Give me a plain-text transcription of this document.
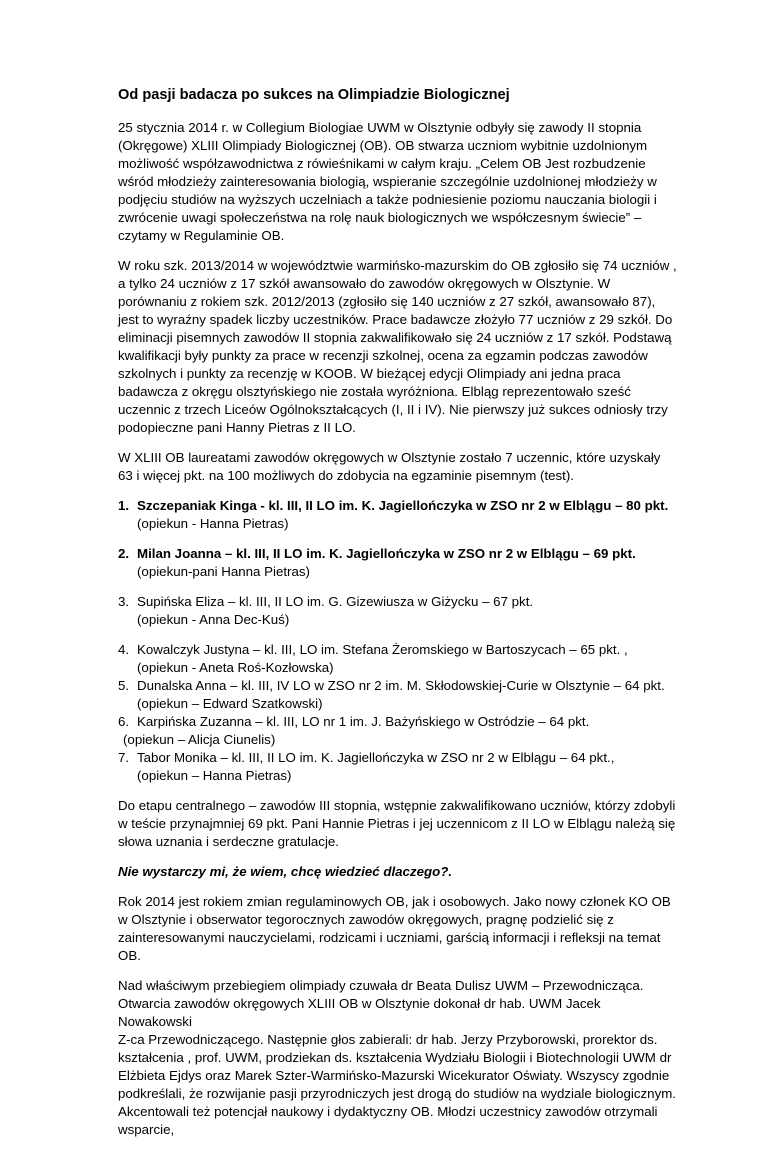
Od pasji badacza po sukces na Olimpiadzie Biologicznej

25 stycznia 2014 r. w Collegium Biologiae UWM w Olsztynie odbyły się zawody II stopnia (Okręgowe) XLIII Olimpiady Biologicznej (OB). OB stwarza uczniom wybitnie uzdolnionym możliwość współzawodnictwa z rówieśnikami w całym kraju. „Celem OB Jest rozbudzenie wśród młodzieży zainteresowania biologią, wspieranie szczególnie uzdolnionej młodzieży w podjęciu studiów na wyższych uczelniach a także podniesienie poziomu nauczania biologii i zwrócenie uwagi społeczeństwa na rolę nauk biologicznych we współczesnym świecie” – czytamy w Regulaminie OB.

W roku szk. 2013/2014 w województwie warmińsko-mazurskim do OB zgłosiło się 74 uczniów , a tylko 24 uczniów z 17 szkół awansowało do zawodów okręgowych w Olsztynie. W porównaniu z rokiem szk. 2012/2013 (zgłosiło się 140 uczniów z 27 szkół, awansowało 87), jest to wyraźny spadek liczby uczestników. Prace badawcze złożyło 77 uczniów z 29 szkół. Do eliminacji pisemnych zawodów II stopnia zakwalifikowało się 24 uczniów z 17 szkół. Podstawą kwalifikacji były punkty za prace w recenzji szkolnej, ocena za egzamin podczas zawodów szkolnych i punkty za recenzję w KOOB. W bieżącej edycji Olimpiady ani jedna praca badawcza z okręgu olsztyńskiego nie została wyróżniona. Elbląg reprezentowało sześć uczennic z trzech Liceów Ogólnokształcących (I, II i IV). Nie pierwszy już sukces odniosły trzy podopieczne pani Hanny Pietras z II LO.

W XLIII OB laureatami zawodów okręgowych w Olsztynie zostało 7 uczennic, które uzyskały 63 i więcej pkt. na 100 możliwych do zdobycia na egzaminie pisemnym (test).

1. Szczepaniak Kinga - kl. III, II LO im. K. Jagiellończyka w ZSO nr 2 w Elblągu – 80 pkt.
(opiekun - Hanna Pietras)
2. Milan Joanna – kl. III, II LO im. K. Jagiellończyka w ZSO nr 2 w Elblągu – 69 pkt.
(opiekun-pani Hanna Pietras)
3. Supińska Eliza – kl. III, II LO im. G. Gizewiusza w Giżycku – 67 pkt.
(opiekun - Anna Dec-Kuś)
4. Kowalczyk Justyna – kl. III, LO im. Stefana Żeromskiego w Bartoszycach – 65 pkt. ,
(opiekun - Aneta Roś-Kozłowska)
5. Dunalska Anna – kl. III, IV LO w ZSO nr 2 im. M. Skłodowskiej-Curie w Olsztynie – 64 pkt.
(opiekun – Edward Szatkowski)
6. Karpińska Zuzanna – kl. III, LO nr 1 im. J. Bażyńskiego w Ostródzie – 64 pkt.
(opiekun – Alicja Ciunelis)
7. Tabor Monika – kl. III, II LO im. K. Jagiellończyka w ZSO nr 2 w Elblągu – 64 pkt.,
(opiekun – Hanna Pietras)

Do etapu centralnego – zawodów III stopnia, wstępnie zakwalifikowano uczniów, którzy zdobyli w teście przynajmniej 69 pkt. Pani Hannie Pietras i jej uczennicom z II LO w Elblągu należą się słowa uznania i serdeczne gratulacje.

Nie wystarczy mi, że wiem, chcę wiedzieć dlaczego?.

Rok 2014 jest rokiem zmian regulaminowych OB, jak i osobowych. Jako nowy członek KO OB w Olsztynie i obserwator tegorocznych zawodów okręgowych, pragnę podzielić się z zainteresowanymi nauczycielami, rodzicami i uczniami, garścią informacji i refleksji na temat OB.

Nad właściwym przebiegiem olimpiady czuwała dr Beata Dulisz UWM – Przewodnicząca. Otwarcia zawodów okręgowych XLIII OB w Olsztynie dokonał dr hab. UWM Jacek Nowakowski
Z-ca Przewodniczącego. Następnie głos zabierali: dr hab. Jerzy Przyborowski, prorektor ds. kształcenia , prof. UWM, prodziekan ds. kształcenia Wydziału Biologii i Biotechnologii UWM dr Elżbieta Ejdys oraz Marek Szter-Warmińsko-Mazurski Wicekurator Oświaty. Wszyscy zgodnie podkreślali, że rozwijanie pasji przyrodniczych jest drogą do studiów na wydziale biologicznym. Akcentowali też potencjał naukowy i dydaktyczny OB. Młodzi uczestnicy zawodów otrzymali wsparcie,
